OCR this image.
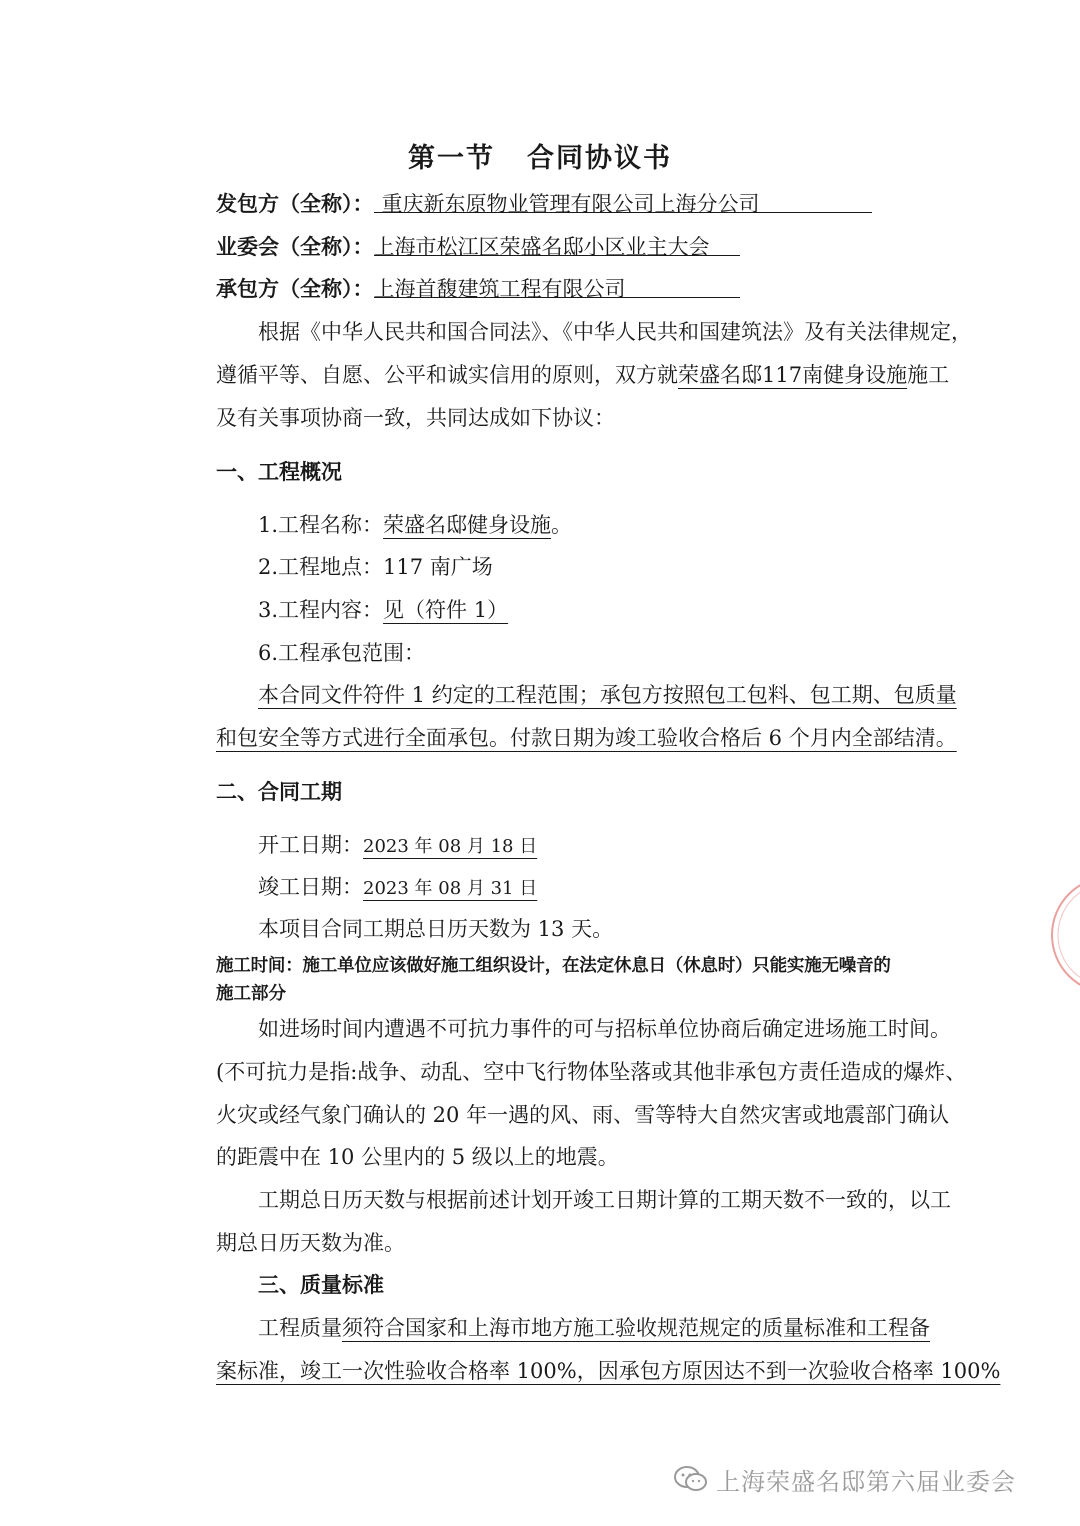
第一节 合同协议书
发包方（全称）： 重庆新东原物业管理有限公司上海分公司
业委会（全称）：上海市松江区荣盛名邸小区业主大会
承包方（全称）：上海首馥建筑工程有限公司
根据《中华人民共和国合同法》、《中华人民共和国建筑法》及有关法律规定，
遵循平等、自愿、公平和诚实信用的原则，双方就荣盛名邸117南健身设施施工
及有关事项协商一致，共同达成如下协议：
一、工程概况
1.工程名称：荣盛名邸健身设施。
2.工程地点：117 南广场
3.工程内容：见（符件 1）
6.工程承包范围：
本合同文件符件 1 约定的工程范围；承包方按照包工包料、包工期、包质量
和包安全等方式进行全面承包。付款日期为竣工验收合格后 6 个月内全部结清。
二、合同工期
开工日期：2023 年 08 月 18 日
竣工日期：2023 年 08 月 31 日
本项目合同工期总日历天数为 13 天。
施工时间：施工单位应该做好施工组织设计，在法定休息日（休息时）只能实施无噪音的
施工部分
如进场时间内遭遇不可抗力事件的可与招标单位协商后确定进场施工时间。
(不可抗力是指:战争、动乱、空中飞行物体坠落或其他非承包方责任造成的爆炸、
火灾或经气象门确认的 20 年一遇的风、雨、雪等特大自然灾害或地震部门确认
的距震中在 10 公里内的 5 级以上的地震。
工期总日历天数与根据前述计划开竣工日期计算的工期天数不一致的，以工
期总日历天数为准。
三、质量标准
工程质量须符合国家和上海市地方施工验收规范规定的质量标准和工程备
案标准，竣工一次性验收合格率 100%，因承包方原因达不到一次验收合格率 100%
上海荣盛名邸第六届业委会
